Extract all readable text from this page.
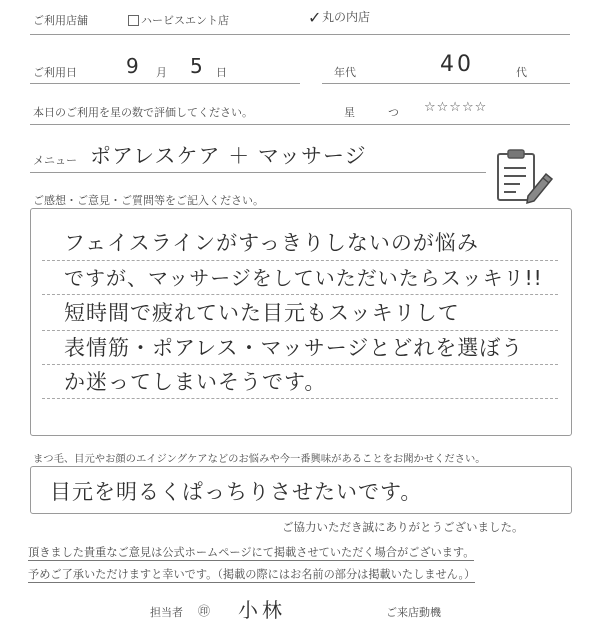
ご利用店舗	ハービスエント店	✓丸の内店
ご利用日 9 月 5 日	年代	40	代
本日のご利用を星の数で評価してください。	星	つ ☆☆☆☆☆
メニュー ポアレスケア ＋ マッサージ
ご感想・ご意見・ご質問等をご記入ください。
フェイスラインがすっきりしないのが悩み
ですが、マッサージをしていただいたらスッキリ!!
短時間で疲れていた目元もスッキリして
表情筋・ポアレス・マッサージとどれを選ぼう
か迷ってしまいそうです。
まつ毛、目元やお顔のエイジングケアなどのお悩みや今一番興味があることをお聞かせください。
目元を明るくぱっちりさせたいです。
ご協力いただき誠にありがとうございました。
頂きました貴重なご意見は公式ホームページにて掲載させていただく場合がございます。
予めご了承いただけますと幸いです。（掲載の際にはお名前の部分は掲載いたしません。）
担当者 ㊞ 小林	ご来店動機
